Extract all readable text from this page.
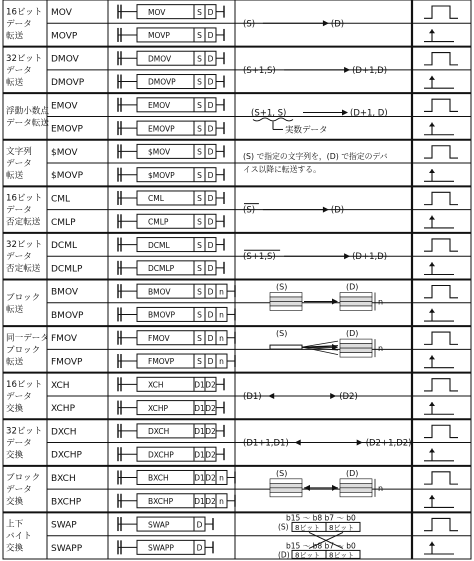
16ビット
データ
転送
MOV	MOV	S D
MOVP	MOVP	S D
(S)	(D)
32ビット
データ
転送
DMOV	DMOV	S D
DMOVP	DMOVP	S D
(S+1,S)	(D+1,D)
浮動小数点
データ転送
EMOV	EMOV	S D
EMOVP	EMOVP	S D
(S+1, S)	(D+1, D)
実数データ
文字列
データ
転送
$MOV	$MOV	S D
$MOVP	$MOVP	S D
(S) で指定の文字列を，(D) で指定のデバ
イス以降に転送する。
16ビット
データ
否定転送
CML	CML	S D
CMLP	CMLP	S D
(S)	(D)
32ビット
データ
否定転送
DCML	DCML	S D
DCMLP	DCMLP	S D
(S+1,S)	(D+1,D)
ブロック
転送
BMOV	BMOV	S D n
BMOVP	BMOVP	S D n
(S)	(D)
n
同一データ
ブロック
転送
FMOV	FMOV	S D n
FMOVP	FMOVP	S D n
(S)	(D)
n
16ビット
データ
交換
XCH	XCH	D1 D2
XCHP	XCHP	D1 D2
(D1)	(D2)
32ビット
データ
交換
DXCH	DXCH	D1 D2
DXCHP	DXCHP	D1 D2
(D1+1,D1)	(D2+1,D2)
ブロック
データ
交換
BXCH	BXCH	D1 D2 n
BXCHP	BXCHP	D1 D2 n
(S)	(D)
n
上下
バイト
交換
SWAP	SWAP	D
SWAPP	SWAPP	D
b15 ～ b8 b7 ～ b0
(S) 8ビット 8ビット
b15 ～ b8 b7 ～ b0
(D) 8ビット 8ビット
